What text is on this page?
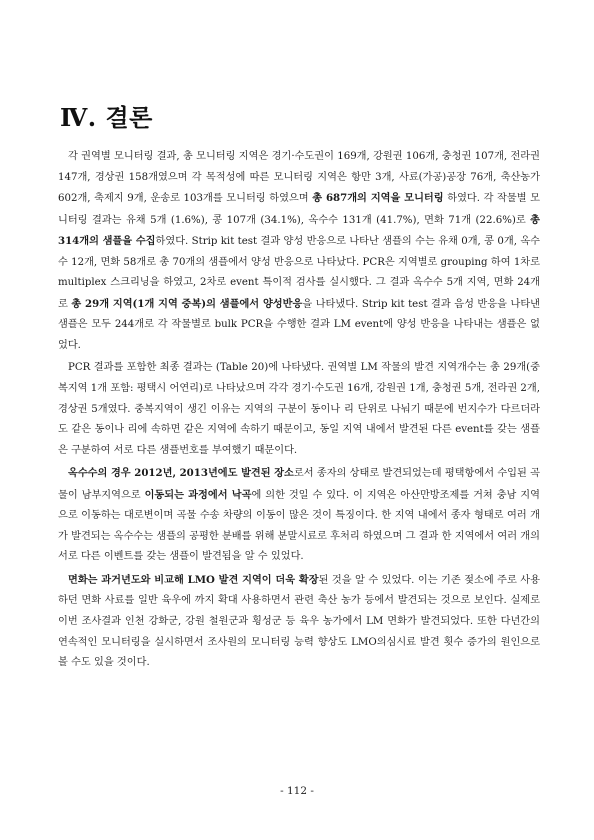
Ⅳ. 결론

각 권역별 모니터링 결과, 총 모니터링 지역은 경기·수도권이 169개, 강원권 106개, 충청권 107개, 전라권 147개, 경상권 158개였으며 각 목적성에 따른 모니터링 지역은 항만 3개, 사료(가공)공장 76개, 축산농가 602개, 축제지 9개, 운송로 103개를 모니터링 하였으며 총 687개의 지역을 모니터링 하였다. 각 작물별 모니터링 결과는 유채 5개 (1.6%), 콩 107개 (34.1%), 옥수수 131개 (41.7%), 면화 71개 (22.6%)로 총 314개의 샘플을 수집하였다. Strip kit test 결과 양성 반응으로 나타난 샘플의 수는 유채 0개, 콩 0개, 옥수수 12개, 면화 58개로 총 70개의 샘플에서 양성 반응으로 나타났다. PCR은 지역별로 grouping 하여 1차로 multiplex 스크리닝을 하였고, 2차로 event 특이적 검사를 실시했다. 그 결과 옥수수 5개 지역, 면화 24개로 총 29개 지역(1개 지역 중복)의 샘플에서 양성반응을 나타냈다. Strip kit test 결과 음성 반응을 나타낸 샘플은 모두 244개로 각 작물별로 bulk PCR을 수행한 결과 LM event에 양성 반응을 나타내는 샘플은 없었다.

PCR 결과를 포함한 최종 결과는 (Table 20)에 나타냈다. 권역별 LM 작물의 발견 지역개수는 총 29개(중복지역 1개 포함: 평택시 어연리)로 나타났으며 각각 경기·수도권 16개, 강원권 1개, 충청권 5개, 전라권 2개, 경상권 5개였다. 중복지역이 생긴 이유는 지역의 구분이 동이나 리 단위로 나눠기 때문에 번지수가 다르더라도 같은 동이나 리에 속하면 같은 지역에 속하기 때문이고, 동일 지역 내에서 발견된 다른 event를 갖는 샘플은 구분하여 서로 다른 샘플번호를 부여했기 때문이다.

옥수수의 경우 2012년, 2013년에도 발견된 장소로서 종자의 상태로 발견되었는데 평택항에서 수입된 곡물이 남부지역으로 이동되는 과정에서 낙곡에 의한 것일 수 있다. 이 지역은 아산만방조제를 거쳐 충남 지역으로 이동하는 대로변이며 곡물 수송 차량의 이동이 많은 것이 특징이다. 한 지역 내에서 종자 형태로 여러 개가 발견되는 옥수수는 샘플의 공평한 분배를 위해 분말시료로 후처리 하였으며 그 결과 한 지역에서 여러 개의 서로 다른 이벤트를 갖는 샘플이 발견됨을 알 수 있었다.

면화는 과거년도와 비교해 LMO 발견 지역이 더욱 확장된 것을 알 수 있었다. 이는 기존 젖소에 주로 사용하던 면화 사료를 일반 육우에 까지 확대 사용하면서 관련 축산 농가 등에서 발견되는 것으로 보인다. 실제로 이번 조사결과 인천 강화군, 강원 철원군과 횡성군 등 육우 농가에서 LM 면화가 발견되었다. 또한 다년간의 연속적인 모니터링을 실시하면서 조사원의 모니터링 능력 향상도 LMO의심시료 발견 횟수 증가의 원인으로 볼 수도 있을 것이다.

- 112 -
